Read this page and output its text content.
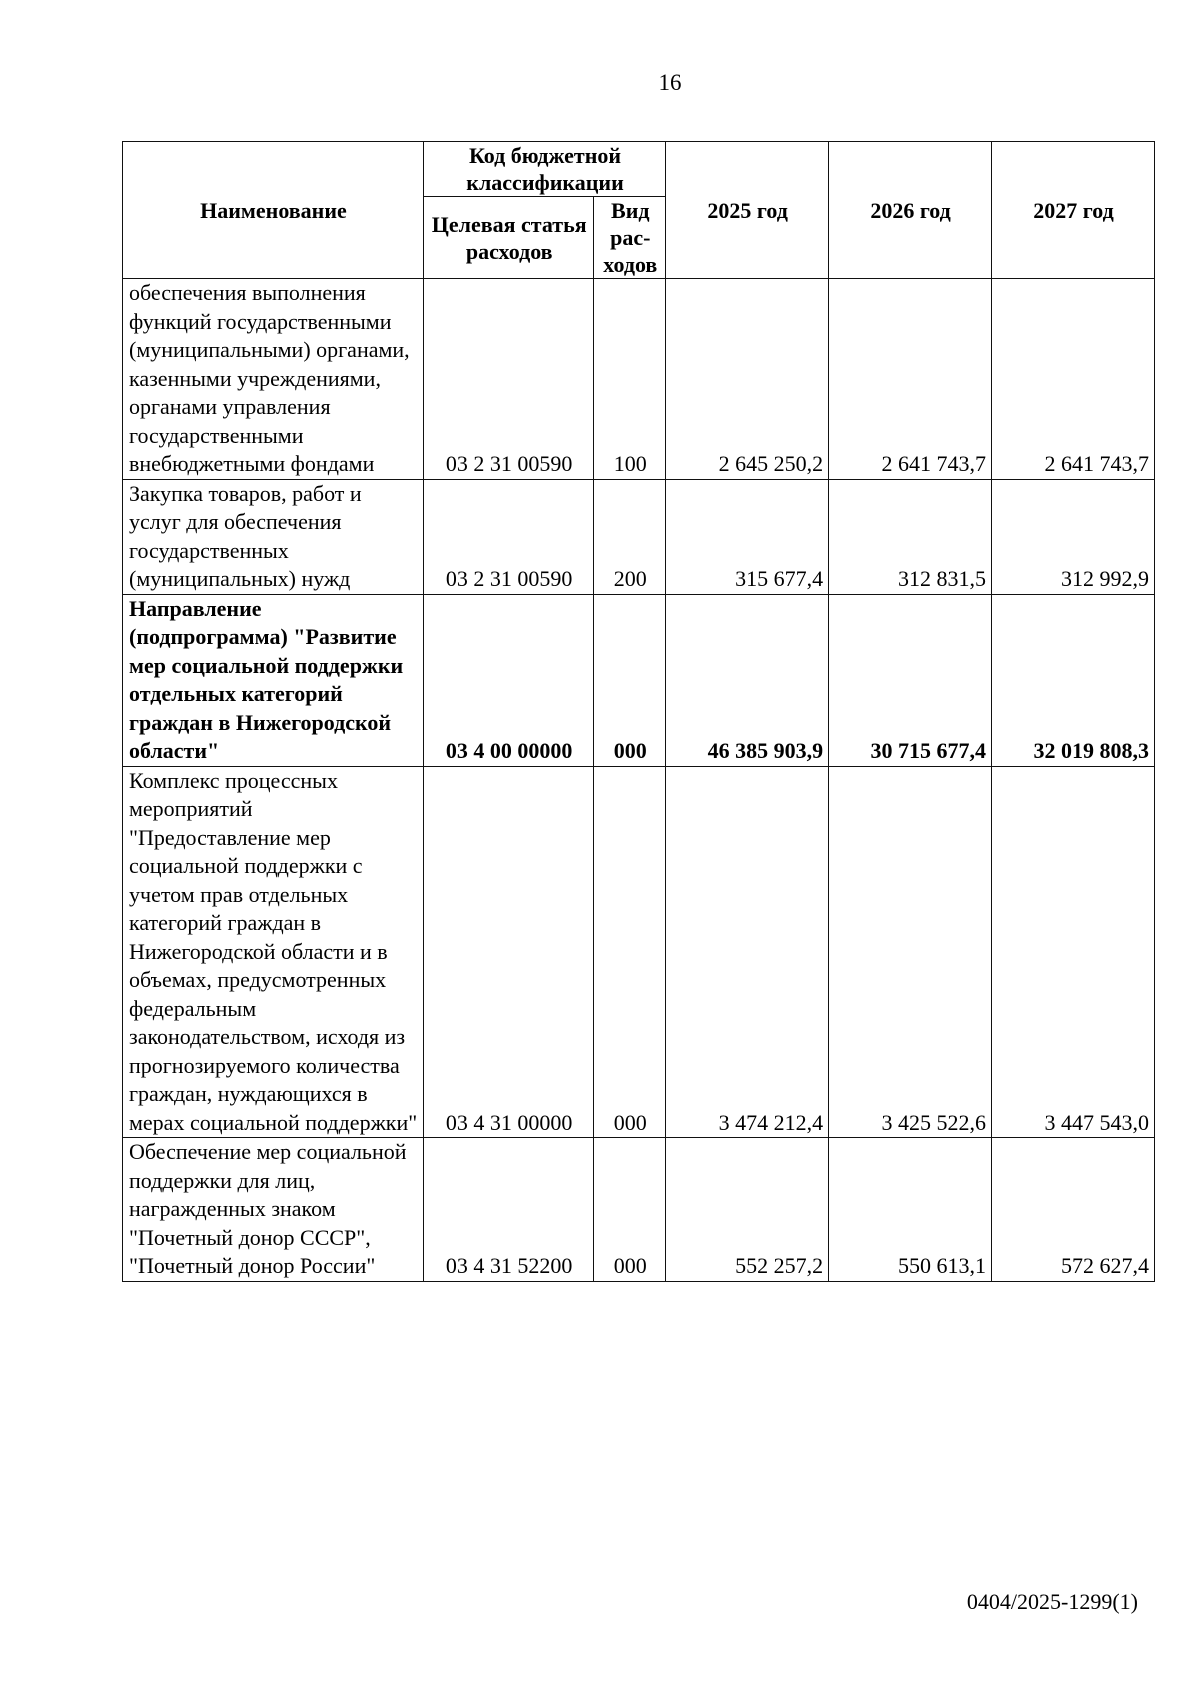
16
Наименование	Код бюджетной классификации		2025 год	2026 год	2027 год
	Целевая статья расходов	Вид рас-ходов			
обеспечения выполнения функций государственными (муниципальными) органами, казенными учреждениями, органами управления государственными внебюджетными фондами	03 2 31 00590	100	2 645 250,2	2 641 743,7	2 641 743,7
Закупка товаров, работ и услуг для обеспечения государственных (муниципальных) нужд	03 2 31 00590	200	315 677,4	312 831,5	312 992,9
Направление (подпрограмма) "Развитие мер социальной поддержки отдельных категорий граждан в Нижегородской области"	03 4 00 00000	000	46 385 903,9	30 715 677,4	32 019 808,3
Комплекс процессных мероприятий "Предоставление мер социальной поддержки с учетом прав отдельных категорий граждан в Нижегородской области и в объемах, предусмотренных федеральным законодательством, исходя из прогнозируемого количества граждан, нуждающихся в мерах социальной поддержки"	03 4 31 00000	000	3 474 212,4	3 425 522,6	3 447 543,0
Обеспечение мер социальной поддержки для лиц, награжденных знаком "Почетный донор СССР", "Почетный донор России"	03 4 31 52200	000	552 257,2	550 613,1	572 627,4
0404/2025-1299(1)
